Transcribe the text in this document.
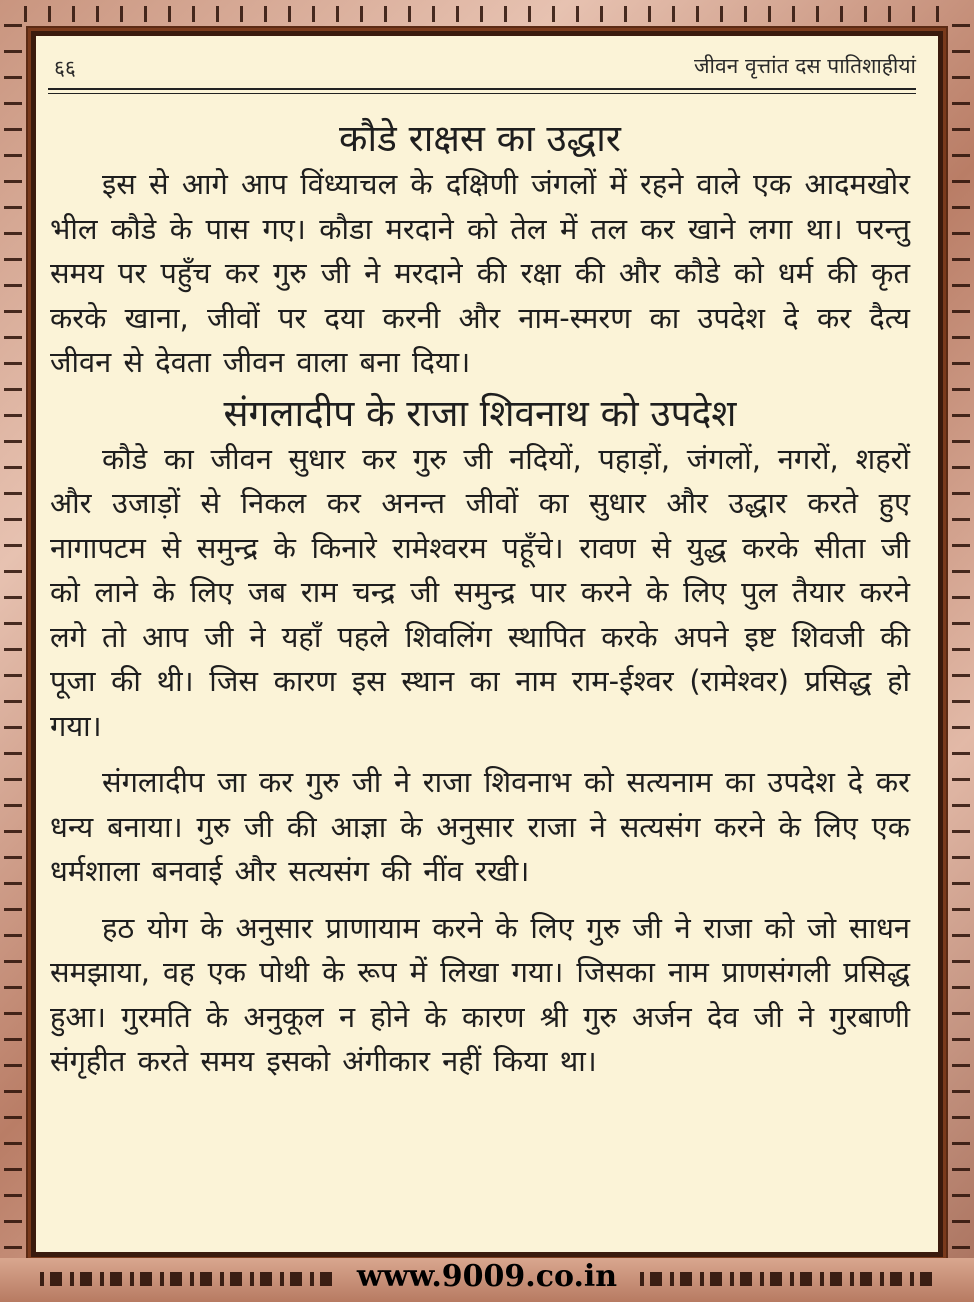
६६	जीवन वृत्तांत दस पातिशाहीयां
कौडे राक्षस का उद्धार

इस से आगे आप विंध्याचल के दक्षिणी जंगलों में रहने वाले एक आदमखोर भील कौडे के पास गए। कौडा मरदाने को तेल में तल कर खाने लगा था। परन्तु समय पर पहुँच कर गुरु जी ने मरदाने की रक्षा की और कौडे को धर्म की कृत करके खाना, जीवों पर दया करनी और नाम-स्मरण का उपदेश दे कर दैत्य जीवन से देवता जीवन वाला बना दिया।

संगलादीप के राजा शिवनाथ को उपदेश

कौडे का जीवन सुधार कर गुरु जी नदियों, पहाड़ों, जंगलों, नगरों, शहरों और उजाड़ों से निकल कर अनन्त जीवों का सुधार और उद्धार करते हुए नागापटम से समुन्द्र के किनारे रामेश्वरम पहूँचे। रावण से युद्ध करके सीता जी को लाने के लिए जब राम चन्द्र जी समुन्द्र पार करने के लिए पुल तैयार करने लगे तो आप जी ने यहाँ पहले शिवलिंग स्थापित करके अपने इष्ट शिवजी की पूजा की थी। जिस कारण इस स्थान का नाम राम-ईश्वर (रामेश्वर) प्रसिद्ध हो गया।

संगलादीप जा कर गुरु जी ने राजा शिवनाभ को सत्यनाम का उपदेश दे कर धन्य बनाया। गुरु जी की आज्ञा के अनुसार राजा ने सत्यसंग करने के लिए एक धर्मशाला बनवाई और सत्यसंग की नींव रखी।

हठ योग के अनुसार प्राणायाम करने के लिए गुरु जी ने राजा को जो साधन समझाया, वह एक पोथी के रूप में लिखा गया। जिसका नाम प्राणसंगली प्रसिद्ध हुआ। गुरमति के अनुकूल न होने के कारण श्री गुरु अर्जन देव जी ने गुरबाणी संगृहीत करते समय इसको अंगीकार नहीं किया था।

www.9009.co.in
